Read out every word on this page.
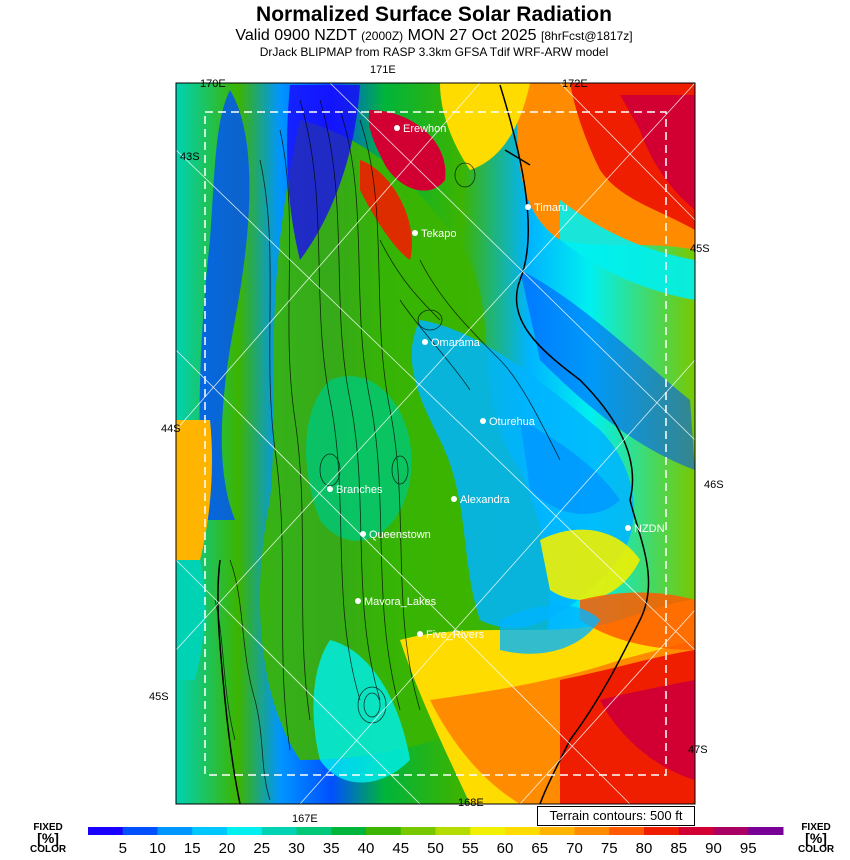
Normalized Surface Solar Radiation
Valid 0900 NZDT (2000Z) MON 27 Oct 2025 [8hrFcst@1817z]
DrJack BLIPMAP from RASP 3.3km GFSA Tdif WRF-ARW model
170E
171E
172E
43S
45S
44S
46S
45S
47S
167E
168E
Erewhon
Timaru
Tekapo
Omarama
Oturehua
Branches
Alexandra
Queenstown	NZDN
Mavora_Lakes
Five_Rivers
5 10 15 20 25 30 35 40 45 50 55 60 65 70 75 80 85 90 95
Terrain contours: 500 ft
FIXED
[%]
COLOR
FIXED
[%]
COLOR
